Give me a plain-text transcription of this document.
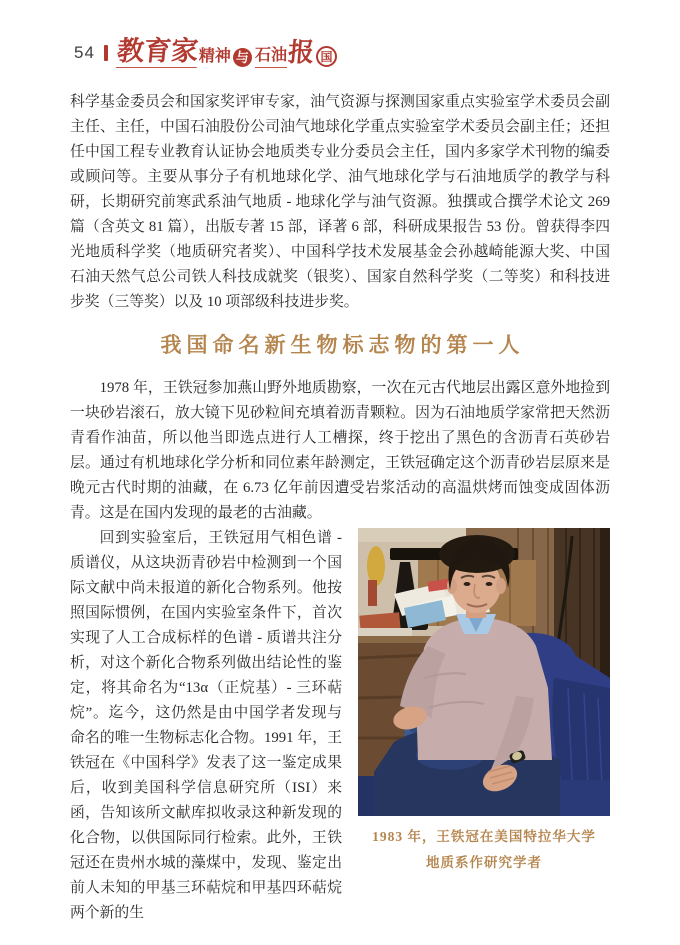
54 教育家 精神 与 石油 报 国

科学基金委员会和国家奖评审专家，油气资源与探测国家重点实验室学术委员会副主任、主任，中国石油股份公司油气地球化学重点实验室学术委员会副主任；还担任中国工程专业教育认证协会地质类专业分委员会主任，国内多家学术刊物的编委或顾问等。主要从事分子有机地球化学、油气地球化学与石油地质学的教学与科研，长期研究前寒武系油气地质 - 地球化学与油气资源。独撰或合撰学术论文 269 篇（含英文 81 篇），出版专著 15 部，译著 6 部，科研成果报告 53 份。曾获得李四光地质科学奖（地质研究者奖）、中国科学技术发展基金会孙越崎能源大奖、中国石油天然气总公司铁人科技成就奖（银奖）、国家自然科学奖（二等奖）和科技进步奖（三等奖）以及 10 项部级科技进步奖。

我国命名新生物标志物的第一人

1978 年，王铁冠参加燕山野外地质勘察，一次在元古代地层出露区意外地捡到一块砂岩滚石，放大镜下见砂粒间充填着沥青颗粒。因为石油地质学家常把天然沥青看作油苗，所以他当即选点进行人工槽探，终于挖出了黑色的含沥青石英砂岩层。通过有机地球化学分析和同位素年龄测定，王铁冠确定这个沥青砂岩层原来是晚元古代时期的油藏，在 6.73 亿年前因遭受岩浆活动的高温烘烤而蚀变成固体沥青。这是在国内发现的最老的古油藏。

1983 年，王铁冠在美国特拉华大学
地质系作研究学者

回到实验室后，王铁冠用气相色谱 - 质谱仪，从这块沥青砂岩中检测到一个国际文献中尚未报道的新化合物系列。他按照国际惯例，在国内实验室条件下，首次实现了人工合成标样的色谱 - 质谱共注分析，对这个新化合物系列做出结论性的鉴定，将其命名为“13α（正烷基）- 三环萜烷”。迄今，这仍然是由中国学者发现与命名的唯一生物标志化合物。1991 年，王铁冠在《中国科学》发表了这一鉴定成果后，收到美国科学信息研究所（ISI）来函，告知该所文献库拟收录这种新发现的化合物，以供国际同行检索。此外，王铁冠还在贵州水城的藻煤中，发现、鉴定出前人未知的甲基三环萜烷和甲基四环萜烷两个新的生
